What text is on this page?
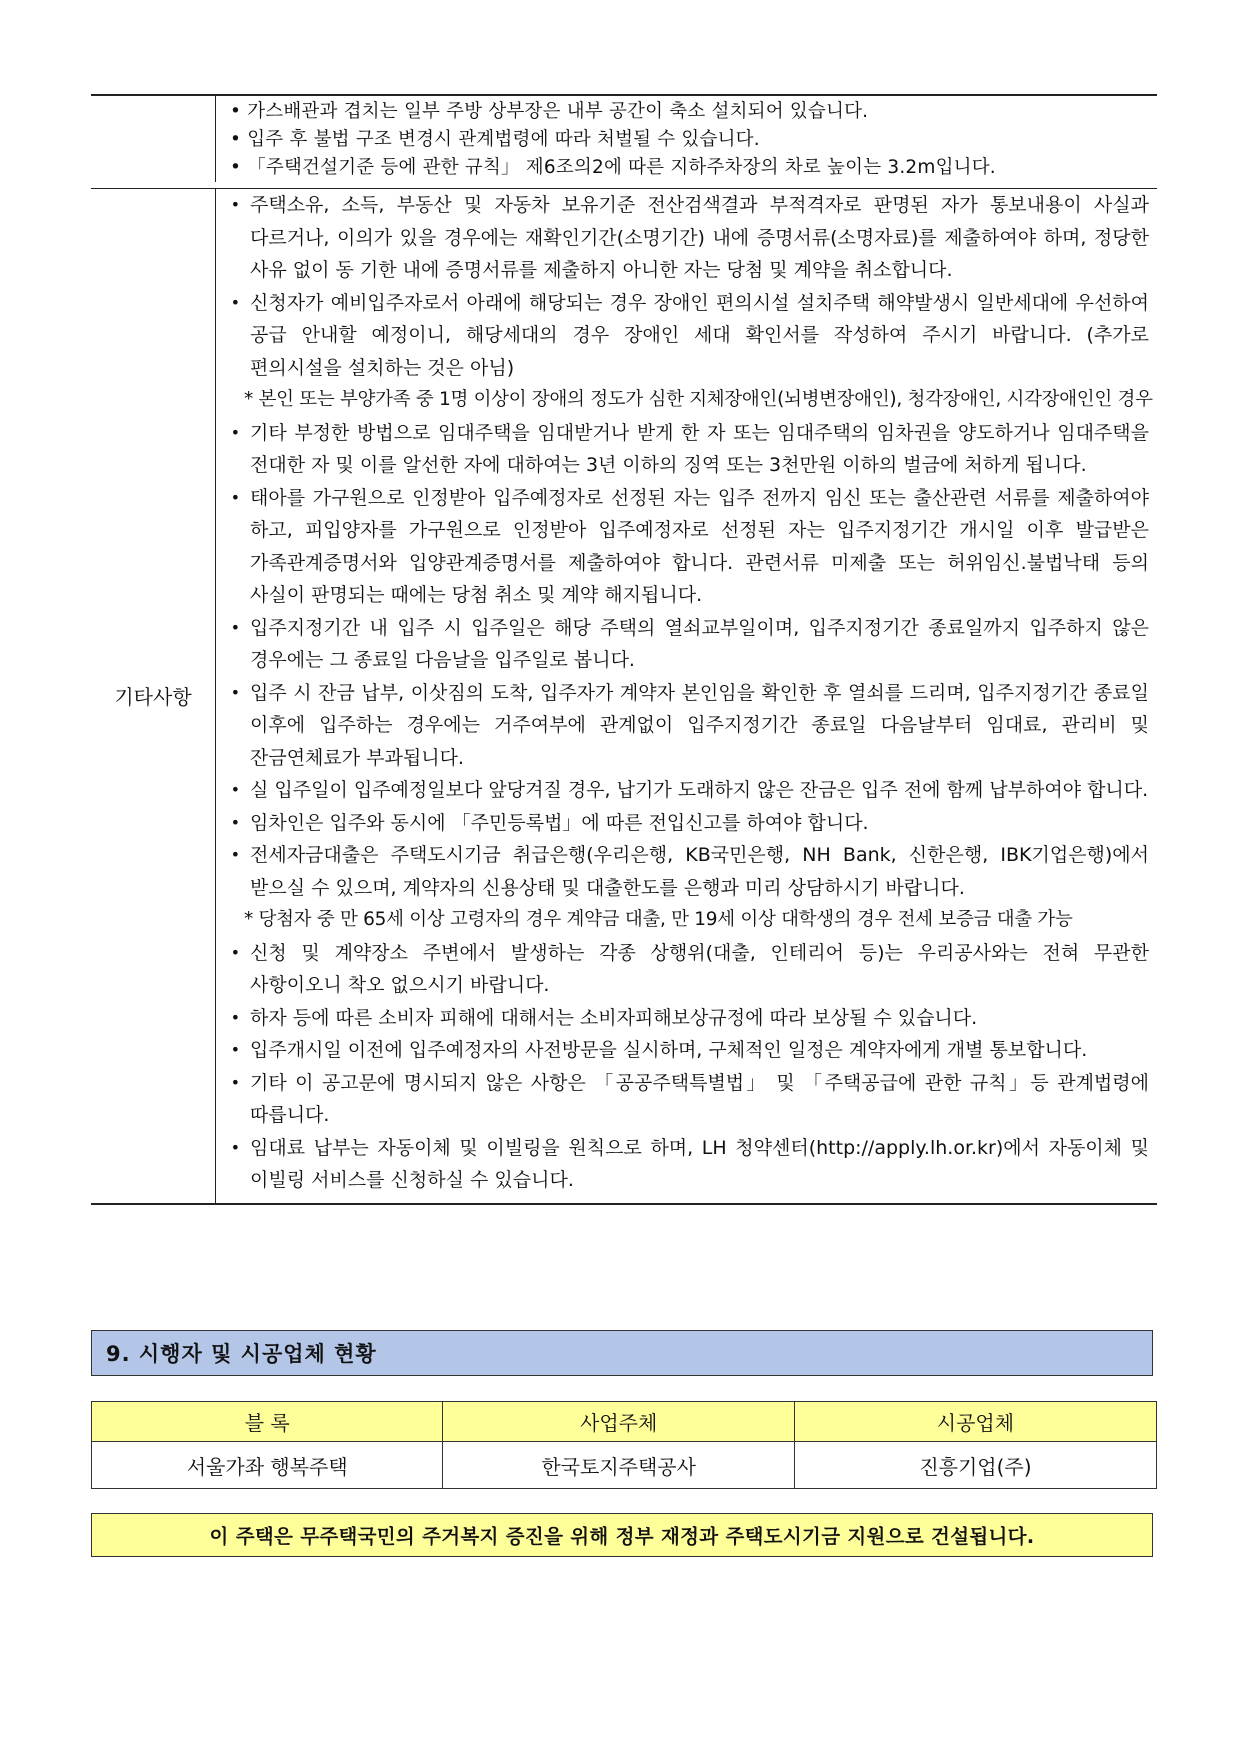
• 가스배관과 겹치는 일부 주방 상부장은 내부 공간이 축소 설치되어 있습니다.
• 입주 후 불법 구조 변경시 관계법령에 따라 처벌될 수 있습니다.
• 「주택건설기준 등에 관한 규칙」 제6조의2에 따른 지하주차장의 차로 높이는 3.2m입니다.
기타사항
• 주택소유, 소득, 부동산 및 자동차 보유기준 전산검색결과 부적격자로 판명된 자가 통보내용이 사실과 다르거나, 이의가 있을 경우에는 재확인기간(소명기간) 내에 증명서류(소명자료)를 제출하여야 하며, 정당한 사유 없이 동 기한 내에 증명서류를 제출하지 아니한 자는 당첨 및 계약을 취소합니다.
• 신청자가 예비입주자로서 아래에 해당되는 경우 장애인 편의시설 설치주택 해약발생시 일반세대에 우선하여 공급 안내할 예정이니, 해당세대의 경우 장애인 세대 확인서를 작성하여 주시기 바랍니다. (추가로 편의시설을 설치하는 것은 아님)
* 본인 또는 부양가족 중 1명 이상이 장애의 정도가 심한 지체장애인(뇌병변장애인), 청각장애인, 시각장애인인 경우
• 기타 부정한 방법으로 임대주택을 임대받거나 받게 한 자 또는 임대주택의 임차권을 양도하거나 임대주택을 전대한 자 및 이를 알선한 자에 대하여는 3년 이하의 징역 또는 3천만원 이하의 벌금에 처하게 됩니다.
• 태아를 가구원으로 인정받아 입주예정자로 선정된 자는 입주 전까지 임신 또는 출산관련 서류를 제출하여야 하고, 피입양자를 가구원으로 인정받아 입주예정자로 선정된 자는 입주지정기간 개시일 이후 발급받은 가족관계증명서와 입양관계증명서를 제출하여야 합니다. 관련서류 미제출 또는 허위임신.불법낙태 등의 사실이 판명되는 때에는 당첨 취소 및 계약 해지됩니다.
• 입주지정기간 내 입주 시 입주일은 해당 주택의 열쇠교부일이며, 입주지정기간 종료일까지 입주하지 않은 경우에는 그 종료일 다음날을 입주일로 봅니다.
• 입주 시 잔금 납부, 이삿짐의 도착, 입주자가 계약자 본인임을 확인한 후 열쇠를 드리며, 입주지정기간 종료일 이후에 입주하는 경우에는 거주여부에 관계없이 입주지정기간 종료일 다음날부터 임대료, 관리비 및 잔금연체료가 부과됩니다.
• 실 입주일이 입주예정일보다 앞당겨질 경우, 납기가 도래하지 않은 잔금은 입주 전에 함께 납부하여야 합니다.
• 임차인은 입주와 동시에 「주민등록법」에 따른 전입신고를 하여야 합니다.
• 전세자금대출은 주택도시기금 취급은행(우리은행, KB국민은행, NH Bank, 신한은행, IBK기업은행)에서 받으실 수 있으며, 계약자의 신용상태 및 대출한도를 은행과 미리 상담하시기 바랍니다.
* 당첨자 중 만 65세 이상 고령자의 경우 계약금 대출, 만 19세 이상 대학생의 경우 전세 보증금 대출 가능
• 신청 및 계약장소 주변에서 발생하는 각종 상행위(대출, 인테리어 등)는 우리공사와는 전혀 무관한 사항이오니 착오 없으시기 바랍니다.
• 하자 등에 따른 소비자 피해에 대해서는 소비자피해보상규정에 따라 보상될 수 있습니다.
• 입주개시일 이전에 입주예정자의 사전방문을 실시하며, 구체적인 일정은 계약자에게 개별 통보합니다.
• 기타 이 공고문에 명시되지 않은 사항은 「공공주택특별법」 및 「주택공급에 관한 규칙」등 관계법령에 따릅니다.
• 임대료 납부는 자동이체 및 이빌링을 원칙으로 하며, LH 청약센터(http://apply.lh.or.kr)에서 자동이체 및 이빌링 서비스를 신청하실 수 있습니다.
9. 시행자 및 시공업체 현황
블 록	사업주체	시공업체
서울가좌 행복주택	한국토지주택공사	진흥기업(주)
이 주택은 무주택국민의 주거복지 증진을 위해 정부 재정과 주택도시기금 지원으로 건설됩니다.
